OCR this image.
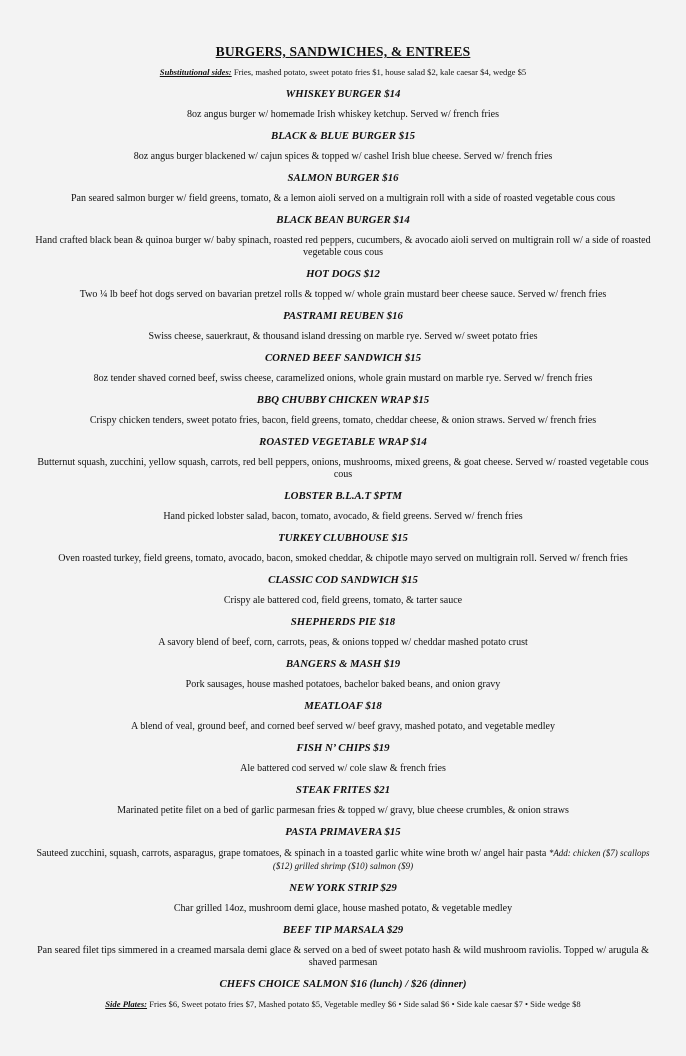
BURGERS, SANDWICHES, & ENTREES
Substitutional sides: Fries, mashed potato, sweet potato fries $1, house salad $2, kale caesar $4, wedge $5
WHISKEY BURGER $14
8oz angus burger w/ homemade Irish whiskey ketchup. Served w/ french fries
BLACK & BLUE BURGER $15
8oz angus burger blackened w/ cajun spices & topped w/ cashel Irish blue cheese. Served w/ french fries
SALMON BURGER $16
Pan seared salmon burger w/ field greens, tomato, & a lemon aioli served on a multigrain roll with a side of roasted vegetable cous cous
BLACK BEAN BURGER $14
Hand crafted black bean & quinoa burger w/ baby spinach, roasted red peppers, cucumbers, & avocado aioli served on multigrain roll w/ a side of roasted vegetable cous cous
HOT DOGS $12
Two ¼ lb beef hot dogs served on bavarian pretzel rolls & topped w/ whole grain mustard beer cheese sauce. Served w/ french fries
PASTRAMI REUBEN $16
Swiss cheese, sauerkraut, & thousand island dressing on marble rye. Served w/ sweet potato fries
CORNED BEEF SANDWICH $15
8oz tender shaved corned beef, swiss cheese, caramelized onions, whole grain mustard on marble rye. Served w/ french fries
BBQ CHUBBY CHICKEN WRAP $15
Crispy chicken tenders, sweet potato fries, bacon, field greens, tomato, cheddar cheese, & onion straws. Served w/ french fries
ROASTED VEGETABLE WRAP $14
Butternut squash, zucchini, yellow squash, carrots, red bell peppers, onions, mushrooms, mixed greens, & goat cheese. Served w/ roasted vegetable cous cous
LOBSTER B.L.A.T $PTM
Hand picked lobster salad, bacon, tomato, avocado, & field greens. Served w/ french fries
TURKEY CLUBHOUSE $15
Oven roasted turkey, field greens, tomato, avocado, bacon, smoked cheddar, & chipotle mayo served on multigrain roll. Served w/ french fries
CLASSIC COD SANDWICH $15
Crispy ale battered cod, field greens, tomato, & tarter sauce
SHEPHERDS PIE $18
A savory blend of beef, corn, carrots, peas, & onions topped w/ cheddar mashed potato crust
BANGERS & MASH $19
Pork sausages, house mashed potatoes, bachelor baked beans, and onion gravy
MEATLOAF $18
A blend of veal, ground beef, and corned beef served w/ beef gravy, mashed potato, and vegetable medley
FISH N’ CHIPS $19
Ale battered cod served w/ cole slaw & french fries
STEAK FRITES $21
Marinated petite filet on a bed of garlic parmesan fries & topped w/ gravy, blue cheese crumbles, & onion straws
PASTA PRIMAVERA $15
Sauteed zucchini, squash, carrots, asparagus, grape tomatoes, & spinach in a toasted garlic white wine broth w/ angel hair pasta *Add: chicken ($7) scallops ($12) grilled shrimp ($10) salmon ($9)
NEW YORK STRIP $29
Char grilled 14oz, mushroom demi glace, house mashed potato, & vegetable medley
BEEF TIP MARSALA $29
Pan seared filet tips simmered in a creamed marsala demi glace & served on a bed of sweet potato hash & wild mushroom raviolis. Topped w/ arugula & shaved parmesan
CHEFS CHOICE SALMON $16 (lunch) / $26 (dinner)
Side Plates: Fries $6, Sweet potato fries $7, Mashed potato $5, Vegetable medley $6 • Side salad $6 • Side kale caesar $7 • Side wedge $8
